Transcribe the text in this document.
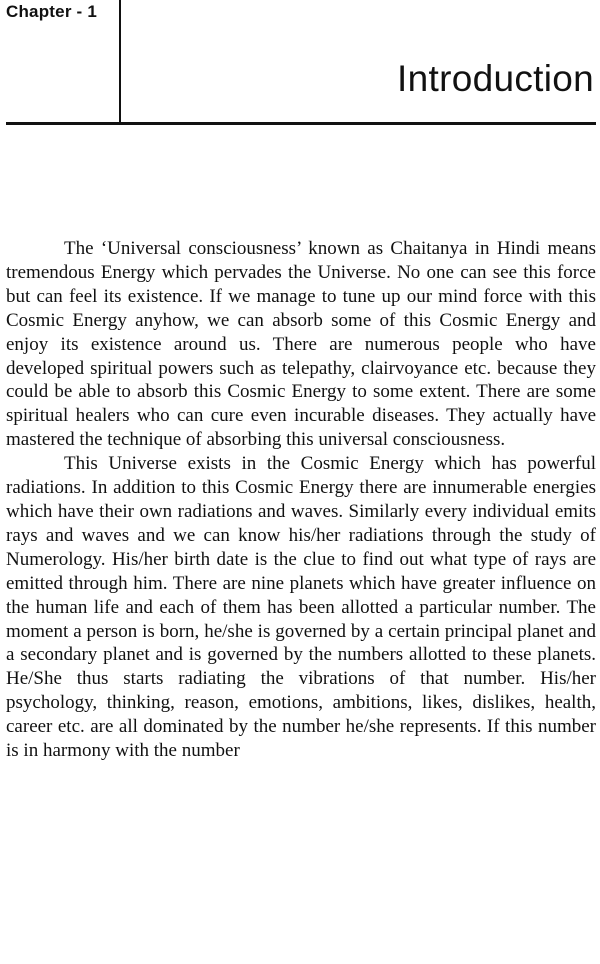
Chapter - 1
Introduction

The ‘Universal consciousness’ known as Chaitanya in Hindi means tremendous Energy which pervades the Universe. No one can see this force but can feel its existence. If we manage to tune up our mind force with this Cosmic Energy anyhow, we can absorb some of this Cosmic Energy and enjoy its existence around us. There are numerous people who have developed spiritual powers such as telepathy, clairvoyance etc. because they could be able to absorb this Cosmic Energy to some extent. There are some spiritual healers who can cure even incurable diseases. They actually have mastered the technique of absorbing this universal consciousness.

This Universe exists in the Cosmic Energy which has powerful radiations. In addition to this Cosmic Energy there are innumerable energies which have their own radiations and waves. Similarly every individual emits rays and waves and we can know his/her radiations through the study of Numerology. His/her birth date is the clue to find out what type of rays are emitted through him. There are nine planets which have greater influence on the human life and each of them has been allotted a particular number. The moment a person is born, he/she is governed by a certain principal planet and a secondary planet and is governed by the numbers allotted to these planets. He/She thus starts radiating the vibrations of that number. His/her psychology, thinking, reason, emotions, ambitions, likes, dislikes, health, career etc. are all dominated by the number he/she represents. If this number is in harmony with the number
